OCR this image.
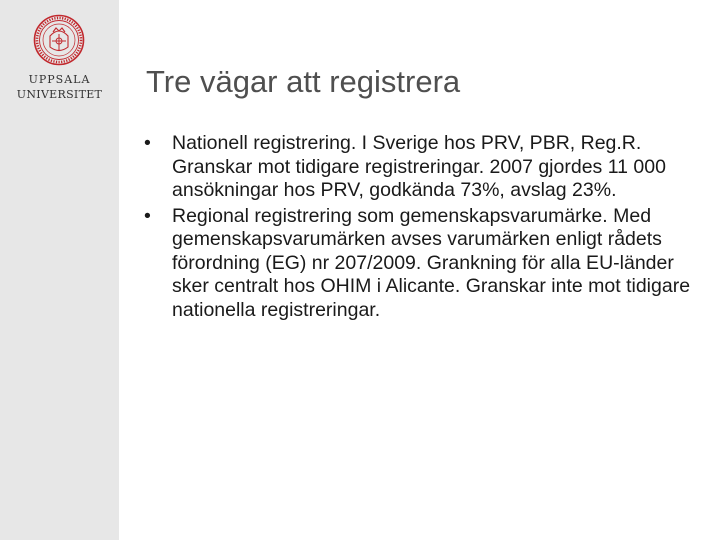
UPPSALA
UNIVERSITET	Tre vägar att registrera
• Nationell registrering. I Sverige hos PRV, PBR, Reg.R. Granskar mot tidigare registreringar. 2007 gjordes 11 000 ansökningar hos PRV, godkända 73%, avslag 23%.
• Regional registrering som gemenskapsvarumärke. Med gemenskapsvarumärken avses varumärken enligt rådets förordning (EG) nr 207/2009. Grankning för alla EU-länder sker centralt hos OHIM i Alicante. Granskar inte mot tidigare nationella registreringar.
